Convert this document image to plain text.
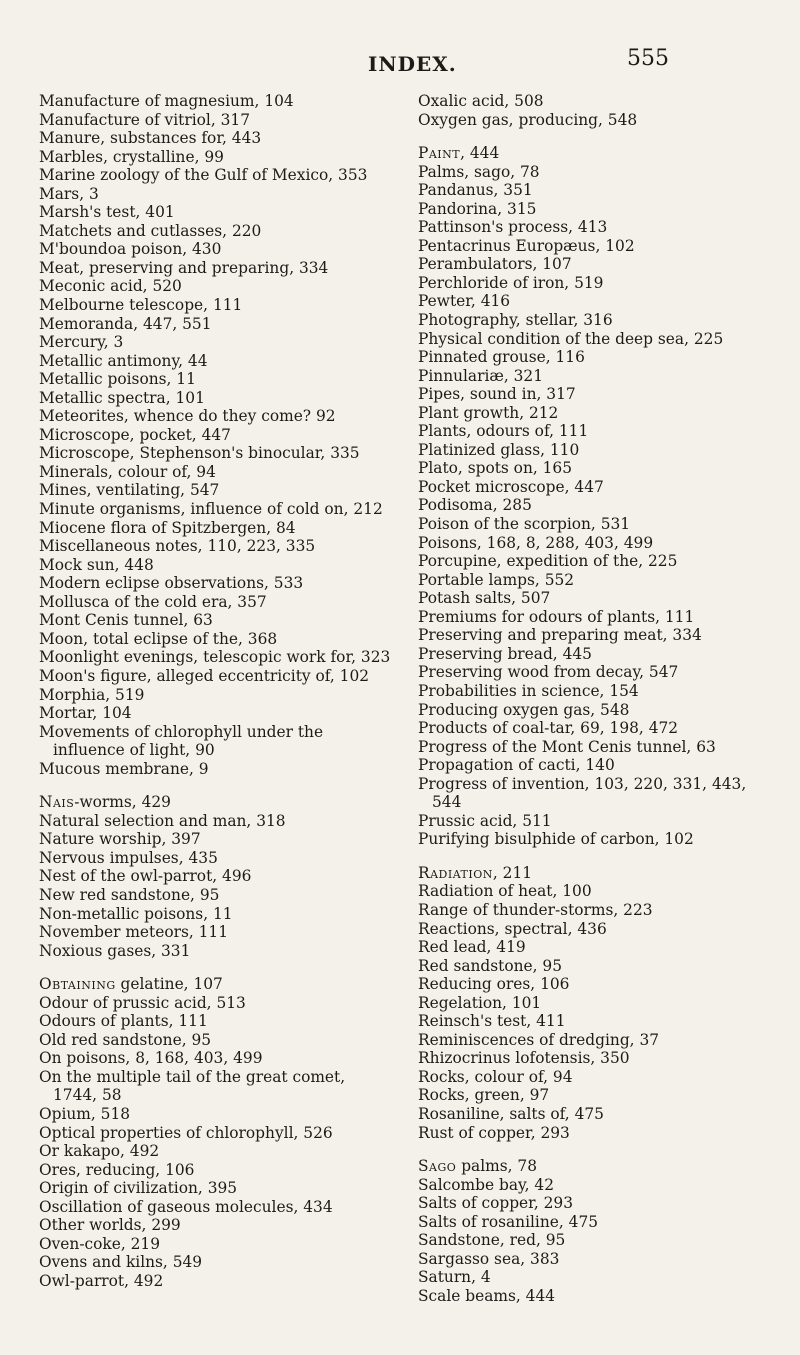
INDEX.	555
Manufacture of magnesium, 104
Manufacture of vitriol, 317
Manure, substances for, 443
Marbles, crystalline, 99
Marine zoology of the Gulf of Mexico, 353
Mars, 3
Marsh's test, 401
Matchets and cutlasses, 220
M'boundoa poison, 430
Meat, preserving and preparing, 334
Meconic acid, 520
Melbourne telescope, 111
Memoranda, 447, 551
Mercury, 3
Metallic antimony, 44
Metallic poisons, 11
Metallic spectra, 101
Meteorites, whence do they come? 92
Microscope, pocket, 447
Microscope, Stephenson's binocular, 335
Minerals, colour of, 94
Mines, ventilating, 547
Minute organisms, influence of cold on, 212
Miocene flora of Spitzbergen, 84
Miscellaneous notes, 110, 223, 335
Mock sun, 448
Modern eclipse observations, 533
Mollusca of the cold era, 357
Mont Cenis tunnel, 63
Moon, total eclipse of the, 368
Moonlight evenings, telescopic work for, 323
Moon's figure, alleged eccentricity of, 102
Morphia, 519
Mortar, 104
Movements of chlorophyll under the influence of light, 90
Mucous membrane, 9
Nais-worms, 429
Natural selection and man, 318
Nature worship, 397
Nervous impulses, 435
Nest of the owl-parrot, 496
New red sandstone, 95
Non-metallic poisons, 11
November meteors, 111
Noxious gases, 331
Obtaining gelatine, 107
Odour of prussic acid, 513
Odours of plants, 111
Old red sandstone, 95
On poisons, 8, 168, 403, 499
On the multiple tail of the great comet, 1744, 58
Opium, 518
Optical properties of chlorophyll, 526
Or kakapo, 492
Ores, reducing, 106
Origin of civilization, 395
Oscillation of gaseous molecules, 434
Other worlds, 299
Oven-coke, 219
Ovens and kilns, 549
Owl-parrot, 492
Oxalic acid, 508
Oxygen gas, producing, 548
Paint, 444
Palms, sago, 78
Pandanus, 351
Pandorina, 315
Pattinson's process, 413
Pentacrinus Europæus, 102
Perambulators, 107
Perchloride of iron, 519
Pewter, 416
Photography, stellar, 316
Physical condition of the deep sea, 225
Pinnated grouse, 116
Pinnulariæ, 321
Pipes, sound in, 317
Plant growth, 212
Plants, odours of, 111
Platinized glass, 110
Plato, spots on, 165
Pocket microscope, 447
Podisoma, 285
Poison of the scorpion, 531
Poisons, 168, 8, 288, 403, 499
Porcupine, expedition of the, 225
Portable lamps, 552
Potash salts, 507
Premiums for odours of plants, 111
Preserving and preparing meat, 334
Preserving bread, 445
Preserving wood from decay, 547
Probabilities in science, 154
Producing oxygen gas, 548
Products of coal-tar, 69, 198, 472
Progress of the Mont Cenis tunnel, 63
Propagation of cacti, 140
Progress of invention, 103, 220, 331, 443, 544
Prussic acid, 511
Purifying bisulphide of carbon, 102
Radiation, 211
Radiation of heat, 100
Range of thunder-storms, 223
Reactions, spectral, 436
Red lead, 419
Red sandstone, 95
Reducing ores, 106
Regelation, 101
Reinsch's test, 411
Reminiscences of dredging, 37
Rhizocrinus lofotensis, 350
Rocks, colour of, 94
Rocks, green, 97
Rosaniline, salts of, 475
Rust of copper, 293
Sago palms, 78
Salcombe bay, 42
Salts of copper, 293
Salts of rosaniline, 475
Sandstone, red, 95
Sargasso sea, 383
Saturn, 4
Scale beams, 444
